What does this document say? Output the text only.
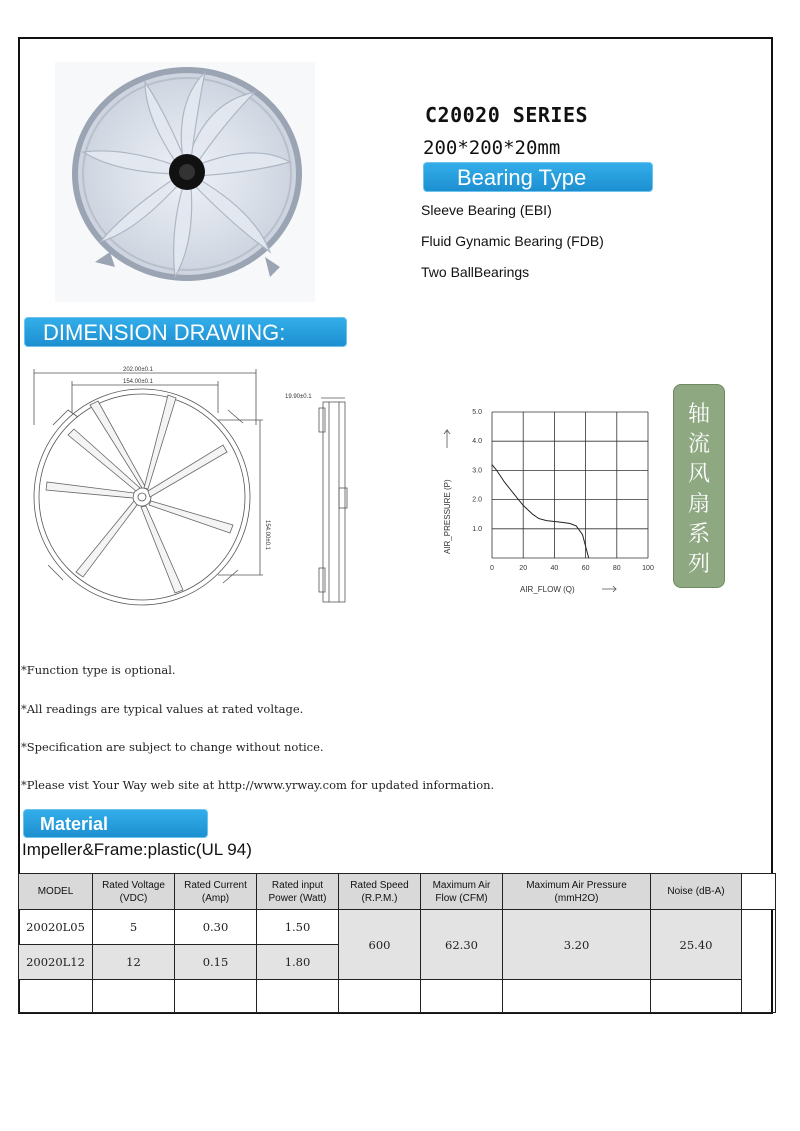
C20020 SERIES
200*200*20mm
Bearing Type
Sleeve Bearing (EBI)
Fluid Gynamic Bearing (FDB)
Two BallBearings
DIMENSION DRAWING:
202.00±0.1
154.00±0.1
154.00±0.1
19.90±0.1
0	20	40	60	80	100
1.0
2.0
3.0
4.0
5.0
AIR_FLOW (Q)
AIR_PRESSURE (P)
轴
流
风
扇
系
列
*Function type is optional.
*All readings are typical values at rated voltage.
*Specification are subject to change without notice.
*Please vist Your Way web site at http://www.yrway.com for updated information.
Material
Impeller&Frame:plastic(UL 94)
MODEL	Rated Voltage (VDC)	Rated Current (Amp)	Rated input Power (Watt)	Rated Speed (R.P.M.)	Maximum Air Flow (CFM)	Maximum Air Pressure (mmH2O)	Noise (dB-A)	
20020L05	5	0.30	1.50	600	62.30	3.20	25.40	
20020L12	12	0.15	1.80					
